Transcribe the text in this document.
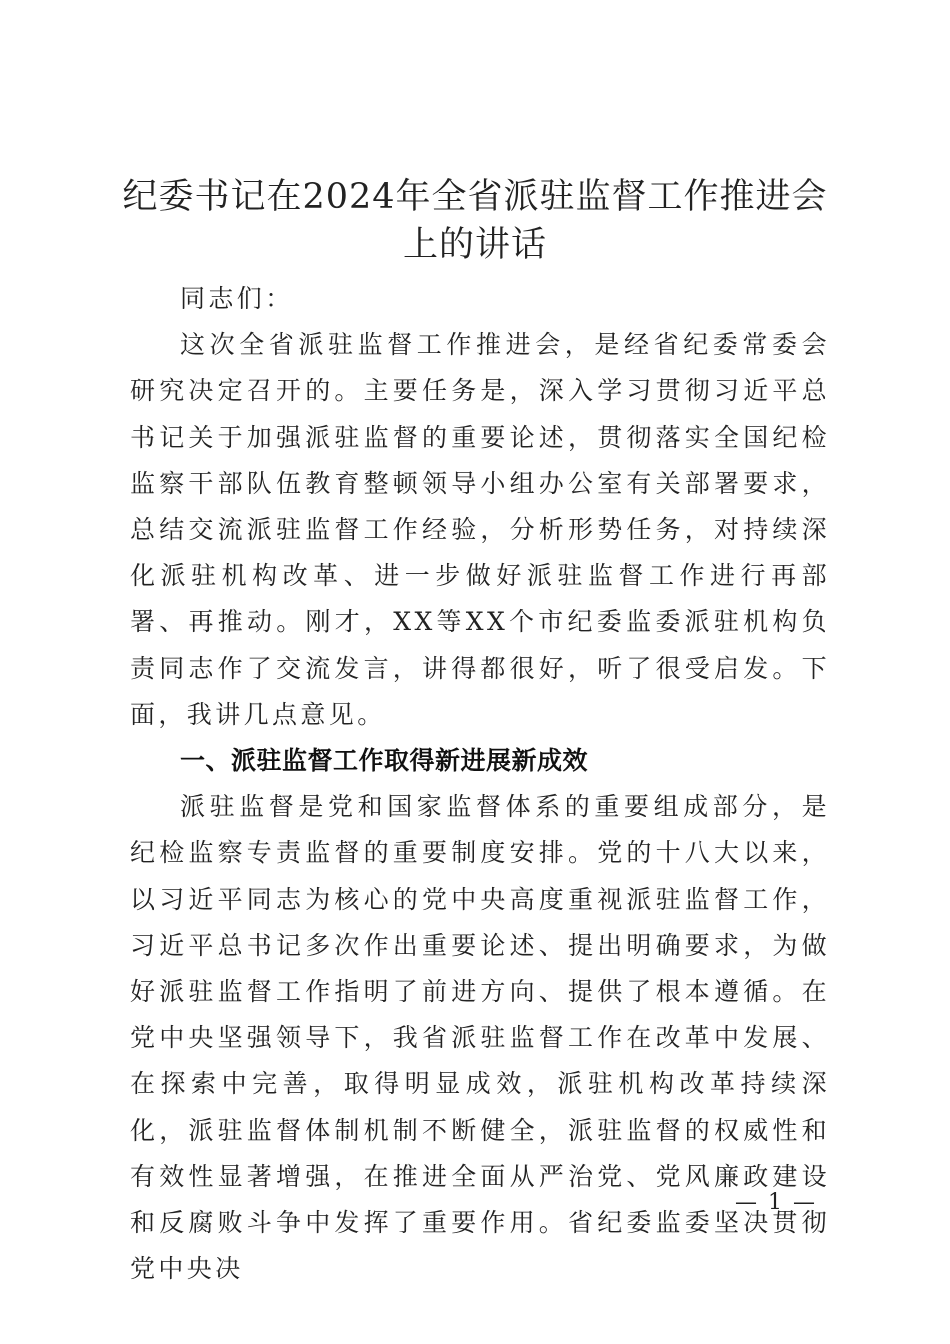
纪委书记在2024年全省派驻监督工作推进会
上的讲话

同志们：

这次全省派驻监督工作推进会，是经省纪委常委会研究决定召开的。主要任务是，深入学习贯彻习近平总书记关于加强派驻监督的重要论述，贯彻落实全国纪检监察干部队伍教育整顿领导小组办公室有关部署要求，总结交流派驻监督工作经验，分析形势任务，对持续深化派驻机构改革、进一步做好派驻监督工作进行再部署、再推动。刚才，XX等XX个市纪委监委派驻机构负责同志作了交流发言，讲得都很好，听了很受启发。下面，我讲几点意见。

一、派驻监督工作取得新进展新成效

派驻监督是党和国家监督体系的重要组成部分，是纪检监察专责监督的重要制度安排。党的十八大以来，以习近平同志为核心的党中央高度重视派驻监督工作，习近平总书记多次作出重要论述、提出明确要求，为做好派驻监督工作指明了前进方向、提供了根本遵循。在党中央坚强领导下，我省派驻监督工作在改革中发展、在探索中完善，取得明显成效，派驻机构改革持续深化，派驻监督体制机制不断健全，派驻监督的权威性和有效性显著增强，在推进全面从严治党、党风廉政建设和反腐败斗争中发挥了重要作用。省纪委监委坚决贯彻党中央决

— 1 —
